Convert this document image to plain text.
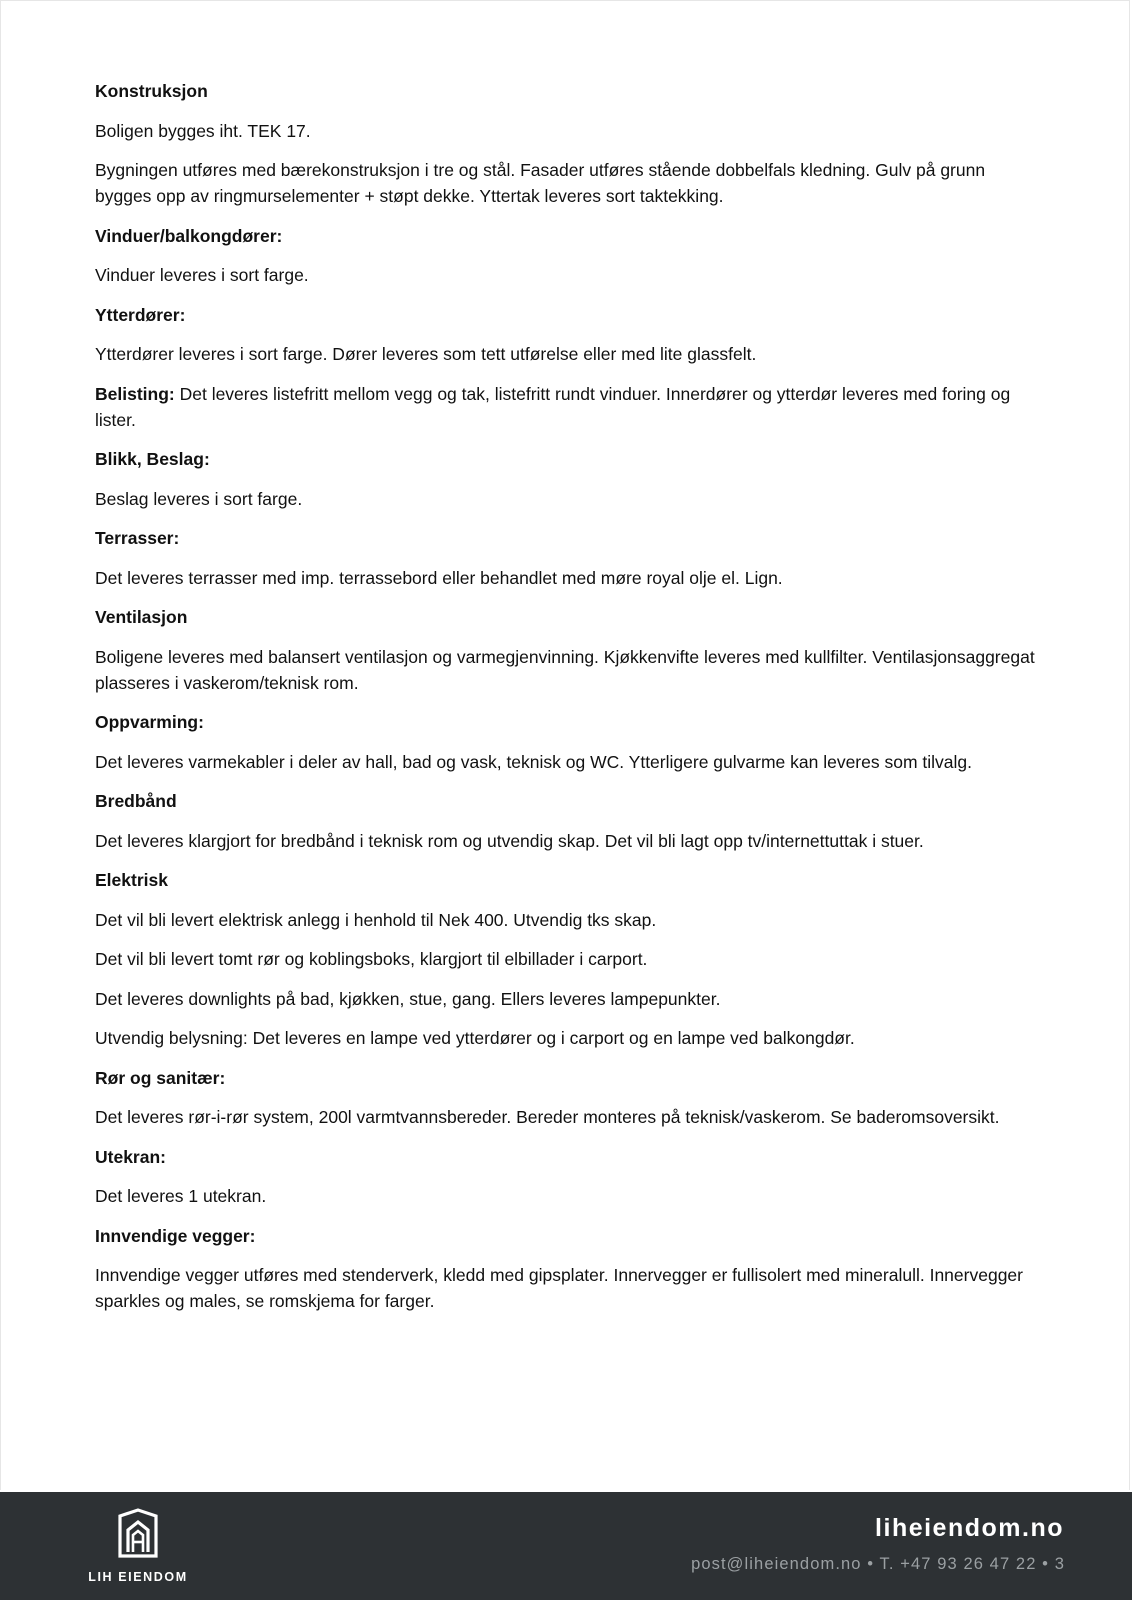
Konstruksjon

Boligen bygges iht. TEK 17.

Bygningen utføres med bærekonstruksjon i tre og stål. Fasader utføres stående dobbelfals kledning. Gulv på grunn bygges opp av ringmurselementer + støpt dekke. Yttertak leveres sort taktekking.

Vinduer/balkongdører:

Vinduer leveres i sort farge.

Ytterdører:

Ytterdører leveres i sort farge. Dører leveres som tett utførelse eller med lite glassfelt.

Belisting: Det leveres listefritt mellom vegg og tak, listefritt rundt vinduer. Innerdører og ytterdør leveres med foring og lister.

Blikk, Beslag:

Beslag leveres i sort farge.

Terrasser:

Det leveres terrasser med imp. terrassebord eller behandlet med møre royal olje el. Lign.

Ventilasjon

Boligene leveres med balansert ventilasjon og varmegjenvinning. Kjøkkenvifte leveres med kullfilter. Ventilasjonsaggregat plasseres i vaskerom/teknisk rom.

Oppvarming:

Det leveres varmekabler i deler av hall, bad og vask, teknisk og WC. Ytterligere gulvarme kan leveres som tilvalg.

Bredbånd

Det leveres klargjort for bredbånd i teknisk rom og utvendig skap. Det vil bli lagt opp tv/internettuttak i stuer.

Elektrisk

Det vil bli levert elektrisk anlegg i henhold til Nek 400. Utvendig tks skap.

Det vil bli levert tomt rør og koblingsboks, klargjort til elbillader i carport.

Det leveres downlights på bad, kjøkken, stue, gang. Ellers leveres lampepunkter.

Utvendig belysning: Det leveres en lampe ved ytterdører og i carport og en lampe ved balkongdør.

Rør og sanitær:

Det leveres rør-i-rør system, 200l varmtvannsbereder. Bereder monteres på teknisk/vaskerom. Se baderomsoversikt.

Utekran:

Det leveres 1 utekran.

Innvendige vegger:

Innvendige vegger utføres med stenderverk, kledd med gipsplater. Innervegger er fullisolert med mineralull. Innervegger sparkles og males, se romskjema for farger.

LIH EIENDOM
liheiendom.no
post@liheiendom.no • T. +47 93 26 47 22 • 3
